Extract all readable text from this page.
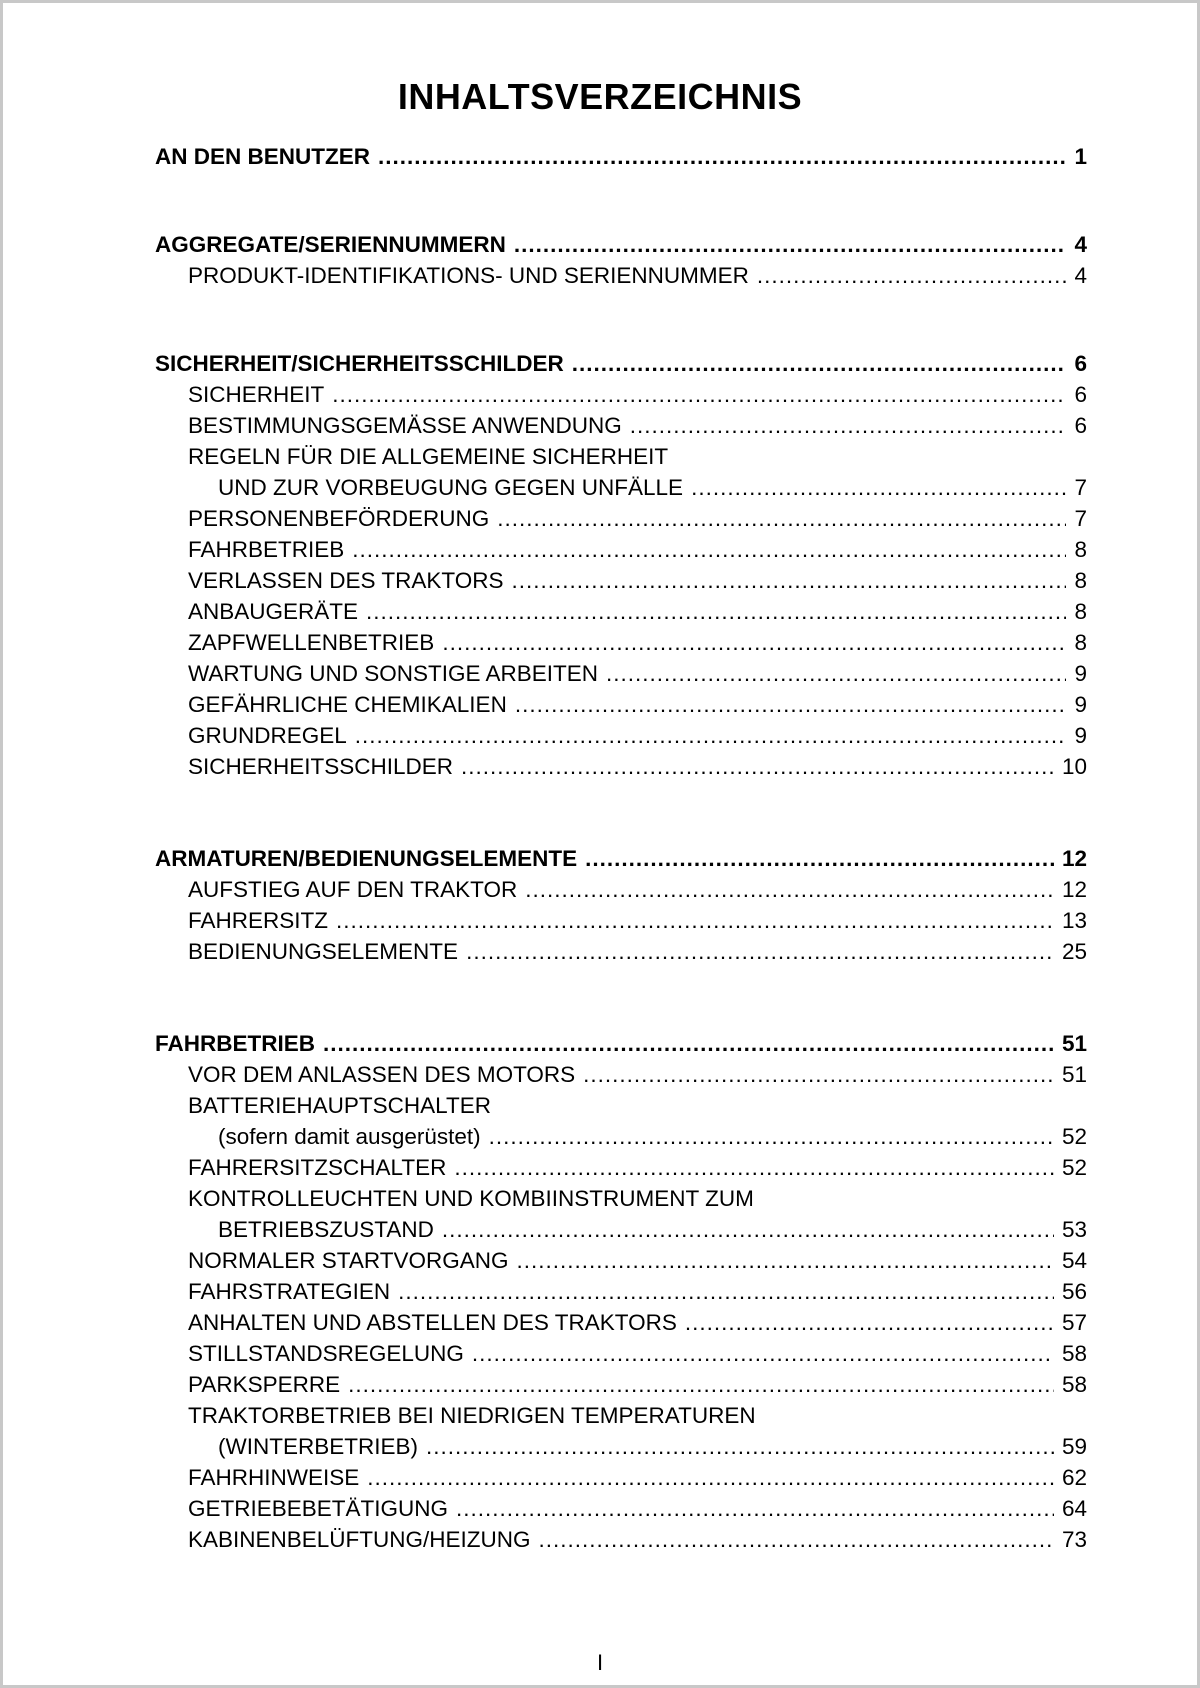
INHALTSVERZEICHNIS
AN DEN BENUTZER .....	1
AGGREGATE/SERIENNUMMERN .....	4
PRODUKT-IDENTIFIKATIONS- UND SERIENNUMMER .....	4
SICHERHEIT/SICHERHEITSSCHILDER .....	6
SICHERHEIT .....	6
BESTIMMUNGSGEMÄSSE ANWENDUNG .....	6
REGELN FÜR DIE ALLGEMEINE SICHERHEIT
UND ZUR VORBEUGUNG GEGEN UNFÄLLE .....	7
PERSONENBEFÖRDERUNG .....	7
FAHRBETRIEB .....	8
VERLASSEN DES TRAKTORS .....	8
ANBAUGERÄTE .....	8
ZAPFWELLENBETRIEB .....	8
WARTUNG UND SONSTIGE ARBEITEN .....	9
GEFÄHRLICHE CHEMIKALIEN .....	9
GRUNDREGEL .....	9
SICHERHEITSSCHILDER .....	10
ARMATUREN/BEDIENUNGSELEMENTE .....	12
AUFSTIEG AUF DEN TRAKTOR .....	12
FAHRERSITZ .....	13
BEDIENUNGSELEMENTE .....	25
FAHRBETRIEB .....	51
VOR DEM ANLASSEN DES MOTORS .....	51
BATTERIEHAUPTSCHALTER
(sofern damit ausgerüstet) .....	52
FAHRERSITZSCHALTER .....	52
KONTROLLEUCHTEN UND KOMBIINSTRUMENT ZUM
BETRIEBSZUSTAND .....	53
NORMALER STARTVORGANG .....	54
FAHRSTRATEGIEN .....	56
ANHALTEN UND ABSTELLEN DES TRAKTORS .....	57
STILLSTANDSREGELUNG .....	58
PARKSPERRE .....	58
TRAKTORBETRIEB BEI NIEDRIGEN TEMPERATUREN
(WINTERBETRIEB) .....	59
FAHRHINWEISE .....	62
GETRIEBEBETÄTIGUNG .....	64
KABINENBELÜFTUNG/HEIZUNG .....	73
I
